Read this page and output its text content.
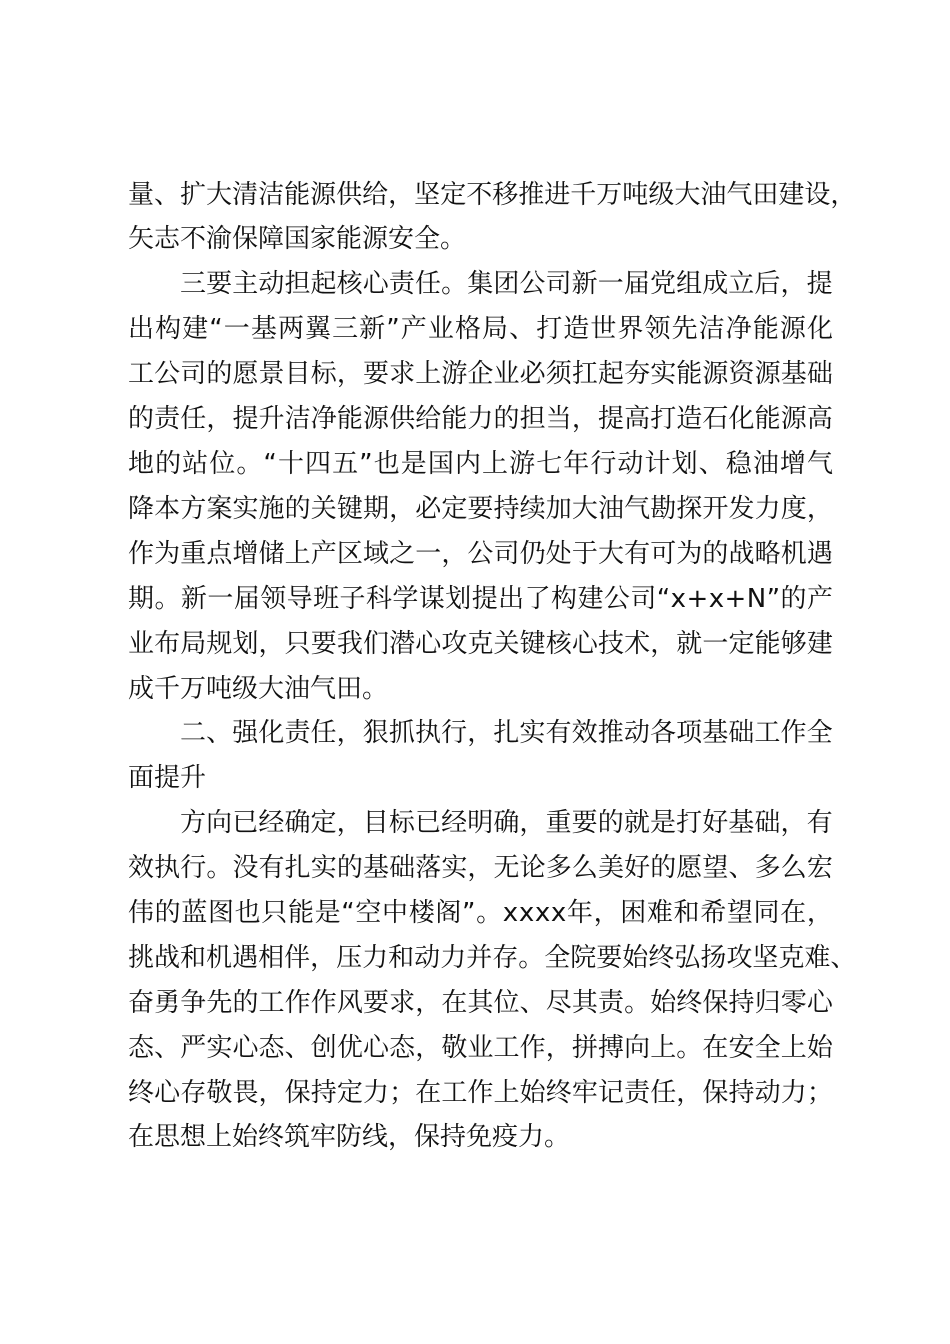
量 、 扩 大 清 洁 能 源 供 给 ， 坚 定 不 移 推 进 千 万 吨 级 大 油 气 田 建 设 ，
矢志不渝保障国家能源安全。
三 要 主 动 担 起 核 心 责 任 。 集 团 公 司 新 一 届 党 组 成 立 后 ， 提
出 构 建 “ 一 基 两 翼 三 新 ” 产 业 格 局 、 打 造 世 界 领 先 洁 净 能 源 化
工 公 司 的 愿 景 目 标 ， 要 求 上 游 企 业 必 须 扛 起 夯 实 能 源 资 源 基 础
的 责 任 ， 提 升 洁 净 能 源 供 给 能 力 的 担 当 ， 提 高 打 造 石 化 能 源 高
地 的 站 位 。 “ 十 四 五 ” 也 是 国 内 上 游 七 年 行 动 计 划 、 稳 油 增 气
降 本 方 案 实 施 的 关 键 期 ， 必 定 要 持 续 加 大 油 气 勘 探 开 发 力 度 ，
作 为 重 点 增 储 上 产 区 域 之 一 ， 公 司 仍 处 于 大 有 可 为 的 战 略 机 遇
期 。 新 一 届 领 导 班 子 科 学 谋 划 提 出 了 构 建 公 司 “ x + x + N ” 的 产
业 布 局 规 划 ， 只 要 我 们 潜 心 攻 克 关 键 核 心 技 术 ， 就 一 定 能 够 建
成千万吨级大油气田。
二 、 强 化 责 任 ， 狠 抓 执 行 ， 扎 实 有 效 推 动 各 项 基 础 工 作 全
面提升
方 向 已 经 确 定 ， 目 标 已 经 明 确 ， 重 要 的 就 是 打 好 基 础 ， 有
效 执 行 。 没 有 扎 实 的 基 础 落 实 ， 无 论 多 么 美 好 的 愿 望 、 多 么 宏
伟 的 蓝 图 也 只 能 是 “ 空 中 楼 阁 ” 。 x x x x 年 ， 困 难 和 希 望 同 在 ，
挑 战 和 机 遇 相 伴 ， 压 力 和 动 力 并 存 。 全 院 要 始 终 弘 扬 攻 坚 克 难 、
奋 勇 争 先 的 工 作 作 风 要 求 ， 在 其 位 、 尽 其 责 。 始 终 保 持 归 零 心
态 、 严 实 心 态 、 创 优 心 态 ， 敬 业 工 作 ， 拼 搏 向 上 。 在 安 全 上 始
终 心 存 敬 畏 ， 保 持 定 力 ； 在 工 作 上 始 终 牢 记 责 任 ， 保 持 动 力 ；
在思想上始终筑牢防线，保持免疫力。
